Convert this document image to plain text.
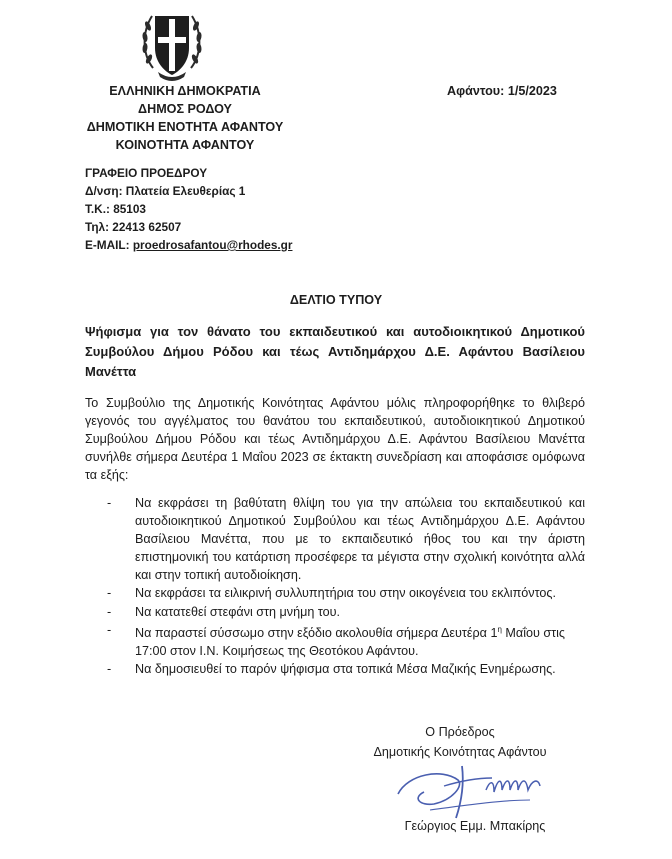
ΕΛΛΗΝΙΚΗ ΔΗΜΟΚΡΑΤΙΑ
ΔΗΜΟΣ ΡΟΔΟΥ
ΔΗΜΟΤΙΚΗ ΕΝΟΤΗΤΑ ΑΦΑΝΤΟΥ
ΚΟΙΝΟΤΗΤΑ ΑΦΑΝΤΟΥ
Αφάντου: 1/5/2023
ΓΡΑΦΕΙΟ ΠΡΟΕΔΡΟΥ
Δ/νση: Πλατεία Ελευθερίας 1
Τ.Κ.: 85103
Τηλ: 22413 62507
E-MAIL: proedrosafantou@rhodes.gr
ΔΕΛΤΙΟ ΤΥΠΟΥ
Ψήφισμα για τον θάνατο του εκπαιδευτικού και αυτοδιοικητικού Δημοτικού Συμβούλου Δήμου Ρόδου και τέως Αντιδημάρχου Δ.Ε. Αφάντου Βασίλειου Μανέττα
Το Συμβούλιο της Δημοτικής Κοινότητας Αφάντου μόλις πληροφορήθηκε το θλιβερό γεγονός του αγγέλματος του θανάτου του εκπαιδευτικού, αυτοδιοικητικού Δημοτικού Συμβούλου Δήμου Ρόδου και τέως Αντιδημάρχου Δ.Ε. Αφάντου Βασίλειου Μανέττα συνήλθε σήμερα Δευτέρα 1 Μαΐου 2023 σε έκτακτη συνεδρίαση και αποφάσισε ομόφωνα τα εξής:
- Να εκφράσει τη βαθύτατη θλίψη του για την απώλεια του εκπαιδευτικού και αυτοδιοικητικού Δημοτικού Συμβούλου και τέως Αντιδημάρχου Δ.Ε. Αφάντου Βασίλειου Μανέττα, που με το εκπαιδευτικό ήθος του και την άριστη επιστημονική του κατάρτιση προσέφερε τα μέγιστα στην σχολική κοινότητα αλλά και στην τοπική αυτοδιοίκηση.
- Να εκφράσει τα ειλικρινή συλλυπητήρια του στην οικογένεια του εκλιπόντος.
- Να κατατεθεί στεφάνι στη μνήμη του.
- Να παραστεί σύσσωμο στην εξόδιο ακολουθία σήμερα Δευτέρα $1^\eta$ Μαΐου στις 17:00 στον Ι.Ν. Κοιμήσεως της Θεοτόκου Αφάντου.
- Να δημοσιευθεί το παρόν ψήφισμα στα τοπικά Μέσα Μαζικής Ενημέρωσης.
Ο Πρόεδρος
Δημοτικής Κοινότητας Αφάντου
Γεώργιος Εμμ. Μπακίρης
